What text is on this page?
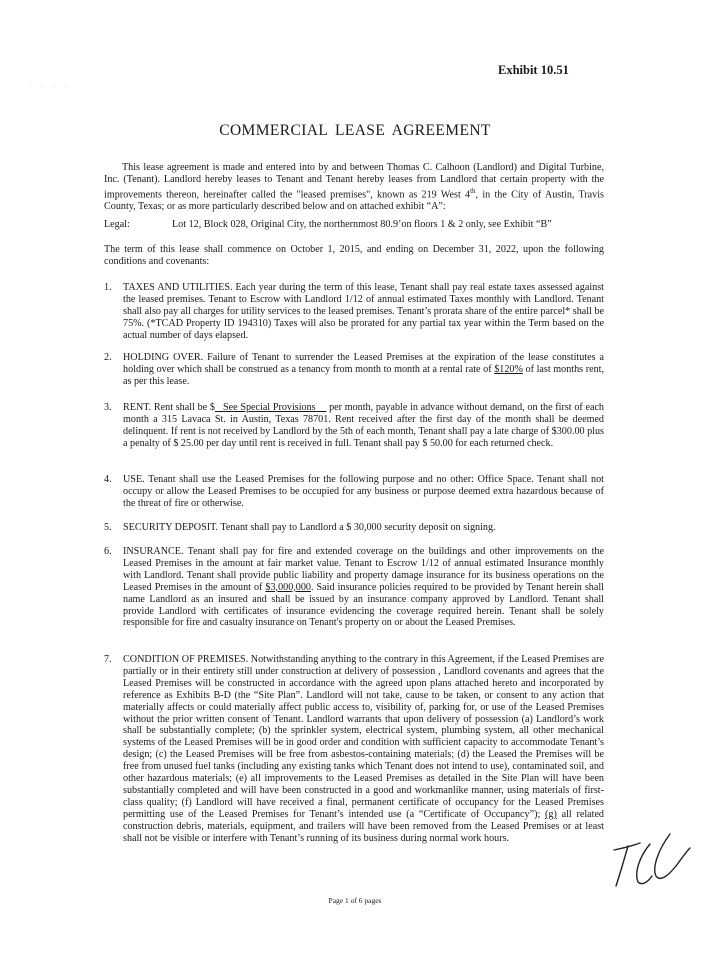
Exhibit 10.51
· · · ·
COMMERCIAL LEASE AGREEMENT

This lease agreement is made and entered into by and between Thomas C. Calhoon (Landlord) and Digital Turbine, Inc. (Tenant). Landlord hereby leases to Tenant and Tenant hereby leases from Landlord that certain property with the improvements thereon, hereinafter called the "leased premises", known as 219 West 4th, in the City of Austin, Travis County, Texas; or as more particularly described below and on attached exhibit “A”:

Legal:	Lot 12, Block 028, Original City, the northernmost 80.9’on floors 1 & 2 only, see Exhibit “B”

The term of this lease shall commence on October 1, 2015, and ending on December 31, 2022, upon the following conditions and covenants:

1. TAXES AND UTILITIES. Each year during the term of this lease, Tenant shall pay real estate taxes assessed against the leased premises. Tenant to Escrow with Landlord 1/12 of annual estimated Taxes monthly with Landlord. Tenant shall also pay all charges for utility services to the leased premises. Tenant’s prorata share of the entire parcel* shall be 75%. (*TCAD Property ID 194310) Taxes will also be prorated for any partial tax year within the Term based on the actual number of days elapsed.
2. HOLDING OVER. Failure of Tenant to surrender the Leased Premises at the expiration of the lease constitutes a holding over which shall be construed as a tenancy from month to month at a rental rate of $120% of last months rent, as per this lease.
3. RENT. Rent shall be $   See Special Provisions     per month, payable in advance without demand, on the first of each month a 315 Lavaca St. in Austin, Texas 78701. Rent received after the first day of the month shall be deemed delinquent. If rent is not received by Landlord by the 5th of each month, Tenant shall pay a late charge of $300.00 plus a penalty of $ 25.00 per day until rent is received in full. Tenant shall pay $ 50.00 for each returned check.
4. USE. Tenant shall use the Leased Premises for the following purpose and no other: Office Space. Tenant shall not occupy or allow the Leased Premises to be occupied for any business or purpose deemed extra hazardous because of the threat of fire or otherwise.
5. SECURITY DEPOSIT. Tenant shall pay to Landlord a $ 30,000 security deposit on signing.
6. INSURANCE. Tenant shall pay for fire and extended coverage on the buildings and other improvements on the Leased Premises in the amount at fair market value. Tenant to Escrow 1/12 of annual estimated Insurance monthly with Landlord. Tenant shall provide public liability and property damage insurance for its business operations on the Leased Premises in the amount of $3,000,000. Said insurance policies required to be provided by Tenant herein shall name Landlord as an insured and shall be issued by an insurance company approved by Landlord. Tenant shall provide Landlord with certificates of insurance evidencing the coverage required herein. Tenant shall be solely responsible for fire and casualty insurance on Tenant's property on or about the Leased Premises.
7. CONDITION OF PREMISES. Notwithstanding anything to the contrary in this Agreement, if the Leased Premises are partially or in their entirety still under construction at delivery of possession , Landlord covenants and agrees that the Leased Premises will be constructed in accordance with the agreed upon plans attached hereto and incorporated by reference as Exhibits B-D (the “Site Plan”. Landlord will not take, cause to be taken, or consent to any action that materially affects or could materially affect public access to, visibility of, parking for, or use of the Leased Premises without the prior written consent of Tenant. Landlord warrants that upon delivery of possession (a) Landlord’s work shall be substantially complete; (b) the sprinkler system, electrical system, plumbing system, all other mechanical systems of the Leased Premises will be in good order and condition with sufficient capacity to accommodate Tenant’s design; (c) the Leased Premises will be free from asbestos-containing materials; (d) the Leased the Premises will be free from unused fuel tanks (including any existing tanks which Tenant does not intend to use), contaminated soil, and other hazardous materials; (e) all improvements to the Leased Premises as detailed in the Site Plan will have been substantially completed and will have been constructed in a good and workmanlike manner, using materials of first-class quality; (f) Landlord will have received a final, permanent certificate of occupancy for the Leased Premises permitting use of the Leased Premises for Tenant’s intended use (a “Certificate of Occupancy”); (g) all related construction debris, materials, equipment, and trailers will have been removed from the Leased Premises or at least shall not be visible or interfere with Tenant’s running of its business during normal work hours.
Page 1 of 6 pages
